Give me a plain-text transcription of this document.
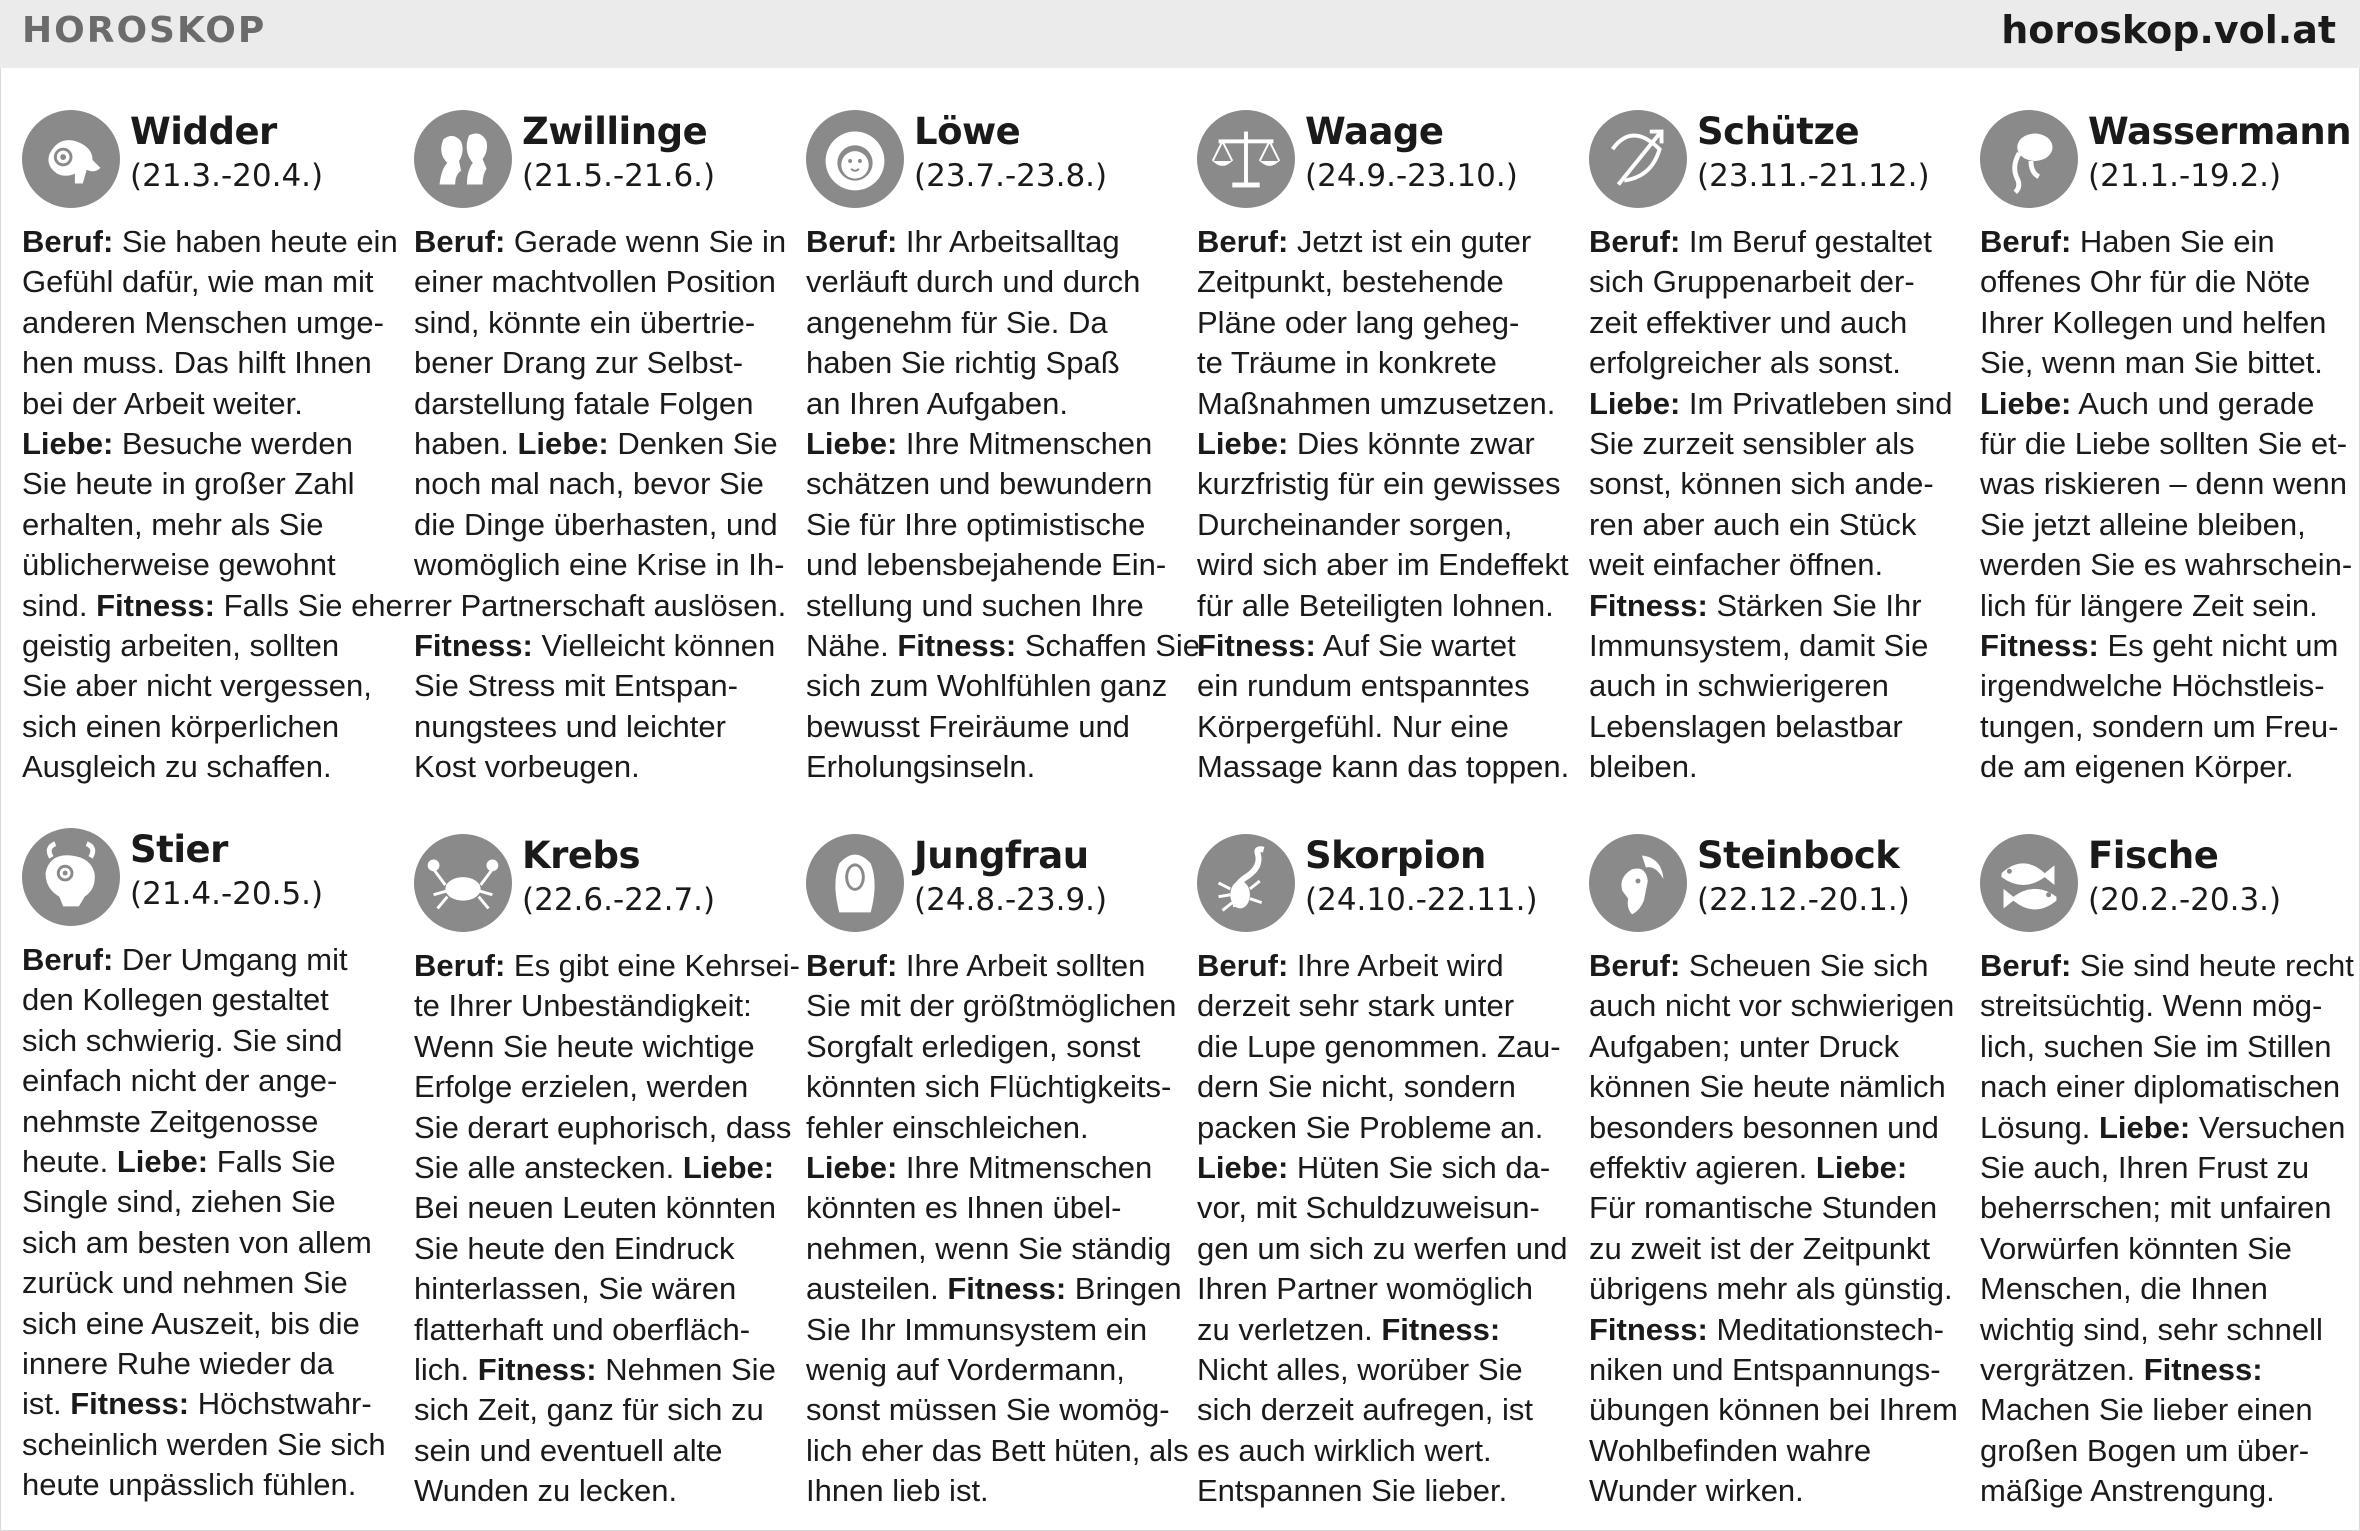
HOROSKOP	horoskop.vol.at
Widder
(21.3.-20.4.)
Beruf: Sie haben heute ein
Gefühl dafür, wie man mit
anderen Menschen umge-
hen muss. Das hilft Ihnen
bei der Arbeit weiter.
Liebe: Besuche werden
Sie heute in großer Zahl
erhalten, mehr als Sie
üblicherweise gewohnt
sind. Fitness: Falls Sie eher
geistig arbeiten, sollten
Sie aber nicht vergessen,
sich einen körperlichen
Ausgleich zu schaffen.
Zwillinge
(21.5.-21.6.)
Beruf: Gerade wenn Sie in
einer machtvollen Position
sind, könnte ein übertrie-
bener Drang zur Selbst-
darstellung fatale Folgen
haben. Liebe: Denken Sie
noch mal nach, bevor Sie
die Dinge überhasten, und
womöglich eine Krise in Ih-
rer Partnerschaft auslösen.
Fitness: Vielleicht können
Sie Stress mit Entspan-
nungstees und leichter
Kost vorbeugen.
Löwe
(23.7.-23.8.)
Beruf: Ihr Arbeitsalltag
verläuft durch und durch
angenehm für Sie. Da
haben Sie richtig Spaß
an Ihren Aufgaben.
Liebe: Ihre Mitmenschen
schätzen und bewundern
Sie für Ihre optimistische
und lebensbejahende Ein-
stellung und suchen Ihre
Nähe. Fitness: Schaffen Sie
sich zum Wohlfühlen ganz
bewusst Freiräume und
Erholungsinseln.
Waage
(24.9.-23.10.)
Beruf: Jetzt ist ein guter
Zeitpunkt, bestehende
Pläne oder lang geheg-
te Träume in konkrete
Maßnahmen umzusetzen.
Liebe: Dies könnte zwar
kurzfristig für ein gewisses
Durcheinander sorgen,
wird sich aber im Endeffekt
für alle Beteiligten lohnen.
Fitness: Auf Sie wartet
ein rundum entspanntes
Körpergefühl. Nur eine
Massage kann das toppen.
Schütze
(23.11.-21.12.)
Beruf: Im Beruf gestaltet
sich Gruppenarbeit der-
zeit effektiver und auch
erfolgreicher als sonst.
Liebe: Im Privatleben sind
Sie zurzeit sensibler als
sonst, können sich ande-
ren aber auch ein Stück
weit einfacher öffnen.
Fitness: Stärken Sie Ihr
Immunsystem, damit Sie
auch in schwierigeren
Lebenslagen belastbar
bleiben.
Wassermann
(21.1.-19.2.)
Beruf: Haben Sie ein
offenes Ohr für die Nöte
Ihrer Kollegen und helfen
Sie, wenn man Sie bittet.
Liebe: Auch und gerade
für die Liebe sollten Sie et-
was riskieren – denn wenn
Sie jetzt alleine bleiben,
werden Sie es wahrschein-
lich für längere Zeit sein.
Fitness: Es geht nicht um
irgendwelche Höchstleis-
tungen, sondern um Freu-
de am eigenen Körper.
Stier
(21.4.-20.5.)
Beruf: Der Umgang mit
den Kollegen gestaltet
sich schwierig. Sie sind
einfach nicht der ange-
nehmste Zeitgenosse
heute. Liebe: Falls Sie
Single sind, ziehen Sie
sich am besten von allem
zurück und nehmen Sie
sich eine Auszeit, bis die
innere Ruhe wieder da
ist. Fitness: Höchstwahr-
scheinlich werden Sie sich
heute unpässlich fühlen.
Krebs
(22.6.-22.7.)
Beruf: Es gibt eine Kehrsei-
te Ihrer Unbeständigkeit:
Wenn Sie heute wichtige
Erfolge erzielen, werden
Sie derart euphorisch, dass
Sie alle anstecken. Liebe:
Bei neuen Leuten könnten
Sie heute den Eindruck
hinterlassen, Sie wären
flatterhaft und oberfläch-
lich. Fitness: Nehmen Sie
sich Zeit, ganz für sich zu
sein und eventuell alte
Wunden zu lecken.
Jungfrau
(24.8.-23.9.)
Beruf: Ihre Arbeit sollten
Sie mit der größtmöglichen
Sorgfalt erledigen, sonst
könnten sich Flüchtigkeits-
fehler einschleichen.
Liebe: Ihre Mitmenschen
könnten es Ihnen übel-
nehmen, wenn Sie ständig
austeilen. Fitness: Bringen
Sie Ihr Immunsystem ein
wenig auf Vordermann,
sonst müssen Sie womög-
lich eher das Bett hüten, als
Ihnen lieb ist.
Skorpion
(24.10.-22.11.)
Beruf: Ihre Arbeit wird
derzeit sehr stark unter
die Lupe genommen. Zau-
dern Sie nicht, sondern
packen Sie Probleme an.
Liebe: Hüten Sie sich da-
vor, mit Schuldzuweisun-
gen um sich zu werfen und
Ihren Partner womöglich
zu verletzen. Fitness:
Nicht alles, worüber Sie
sich derzeit aufregen, ist
es auch wirklich wert.
Entspannen Sie lieber.
Steinbock
(22.12.-20.1.)
Beruf: Scheuen Sie sich
auch nicht vor schwierigen
Aufgaben; unter Druck
können Sie heute nämlich
besonders besonnen und
effektiv agieren. Liebe:
Für romantische Stunden
zu zweit ist der Zeitpunkt
übrigens mehr als günstig.
Fitness: Meditationstech-
niken und Entspannungs-
übungen können bei Ihrem
Wohlbefinden wahre
Wunder wirken.
Fische
(20.2.-20.3.)
Beruf: Sie sind heute recht
streitsüchtig. Wenn mög-
lich, suchen Sie im Stillen
nach einer diplomatischen
Lösung. Liebe: Versuchen
Sie auch, Ihren Frust zu
beherrschen; mit unfairen
Vorwürfen könnten Sie
Menschen, die Ihnen
wichtig sind, sehr schnell
vergrätzen. Fitness:
Machen Sie lieber einen
großen Bogen um über-
mäßige Anstrengung.
